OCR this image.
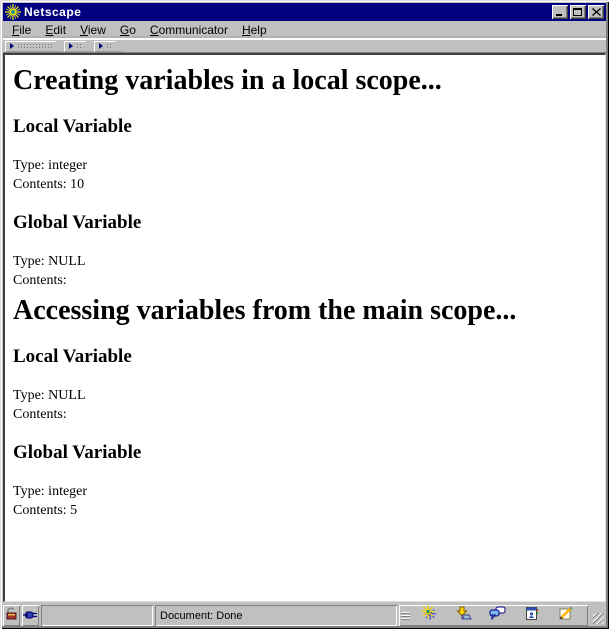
Netscape
File	Edit	View	Go	Communicator	Help
Creating variables in a local scope...
Local Variable
Type: integer
Contents: 10
Global Variable
Type: NULL
Contents:
Accessing variables from the main scope...
Local Variable
Type: NULL
Contents:
Global Variable
Type: integer
Contents: 5
Document: Done
